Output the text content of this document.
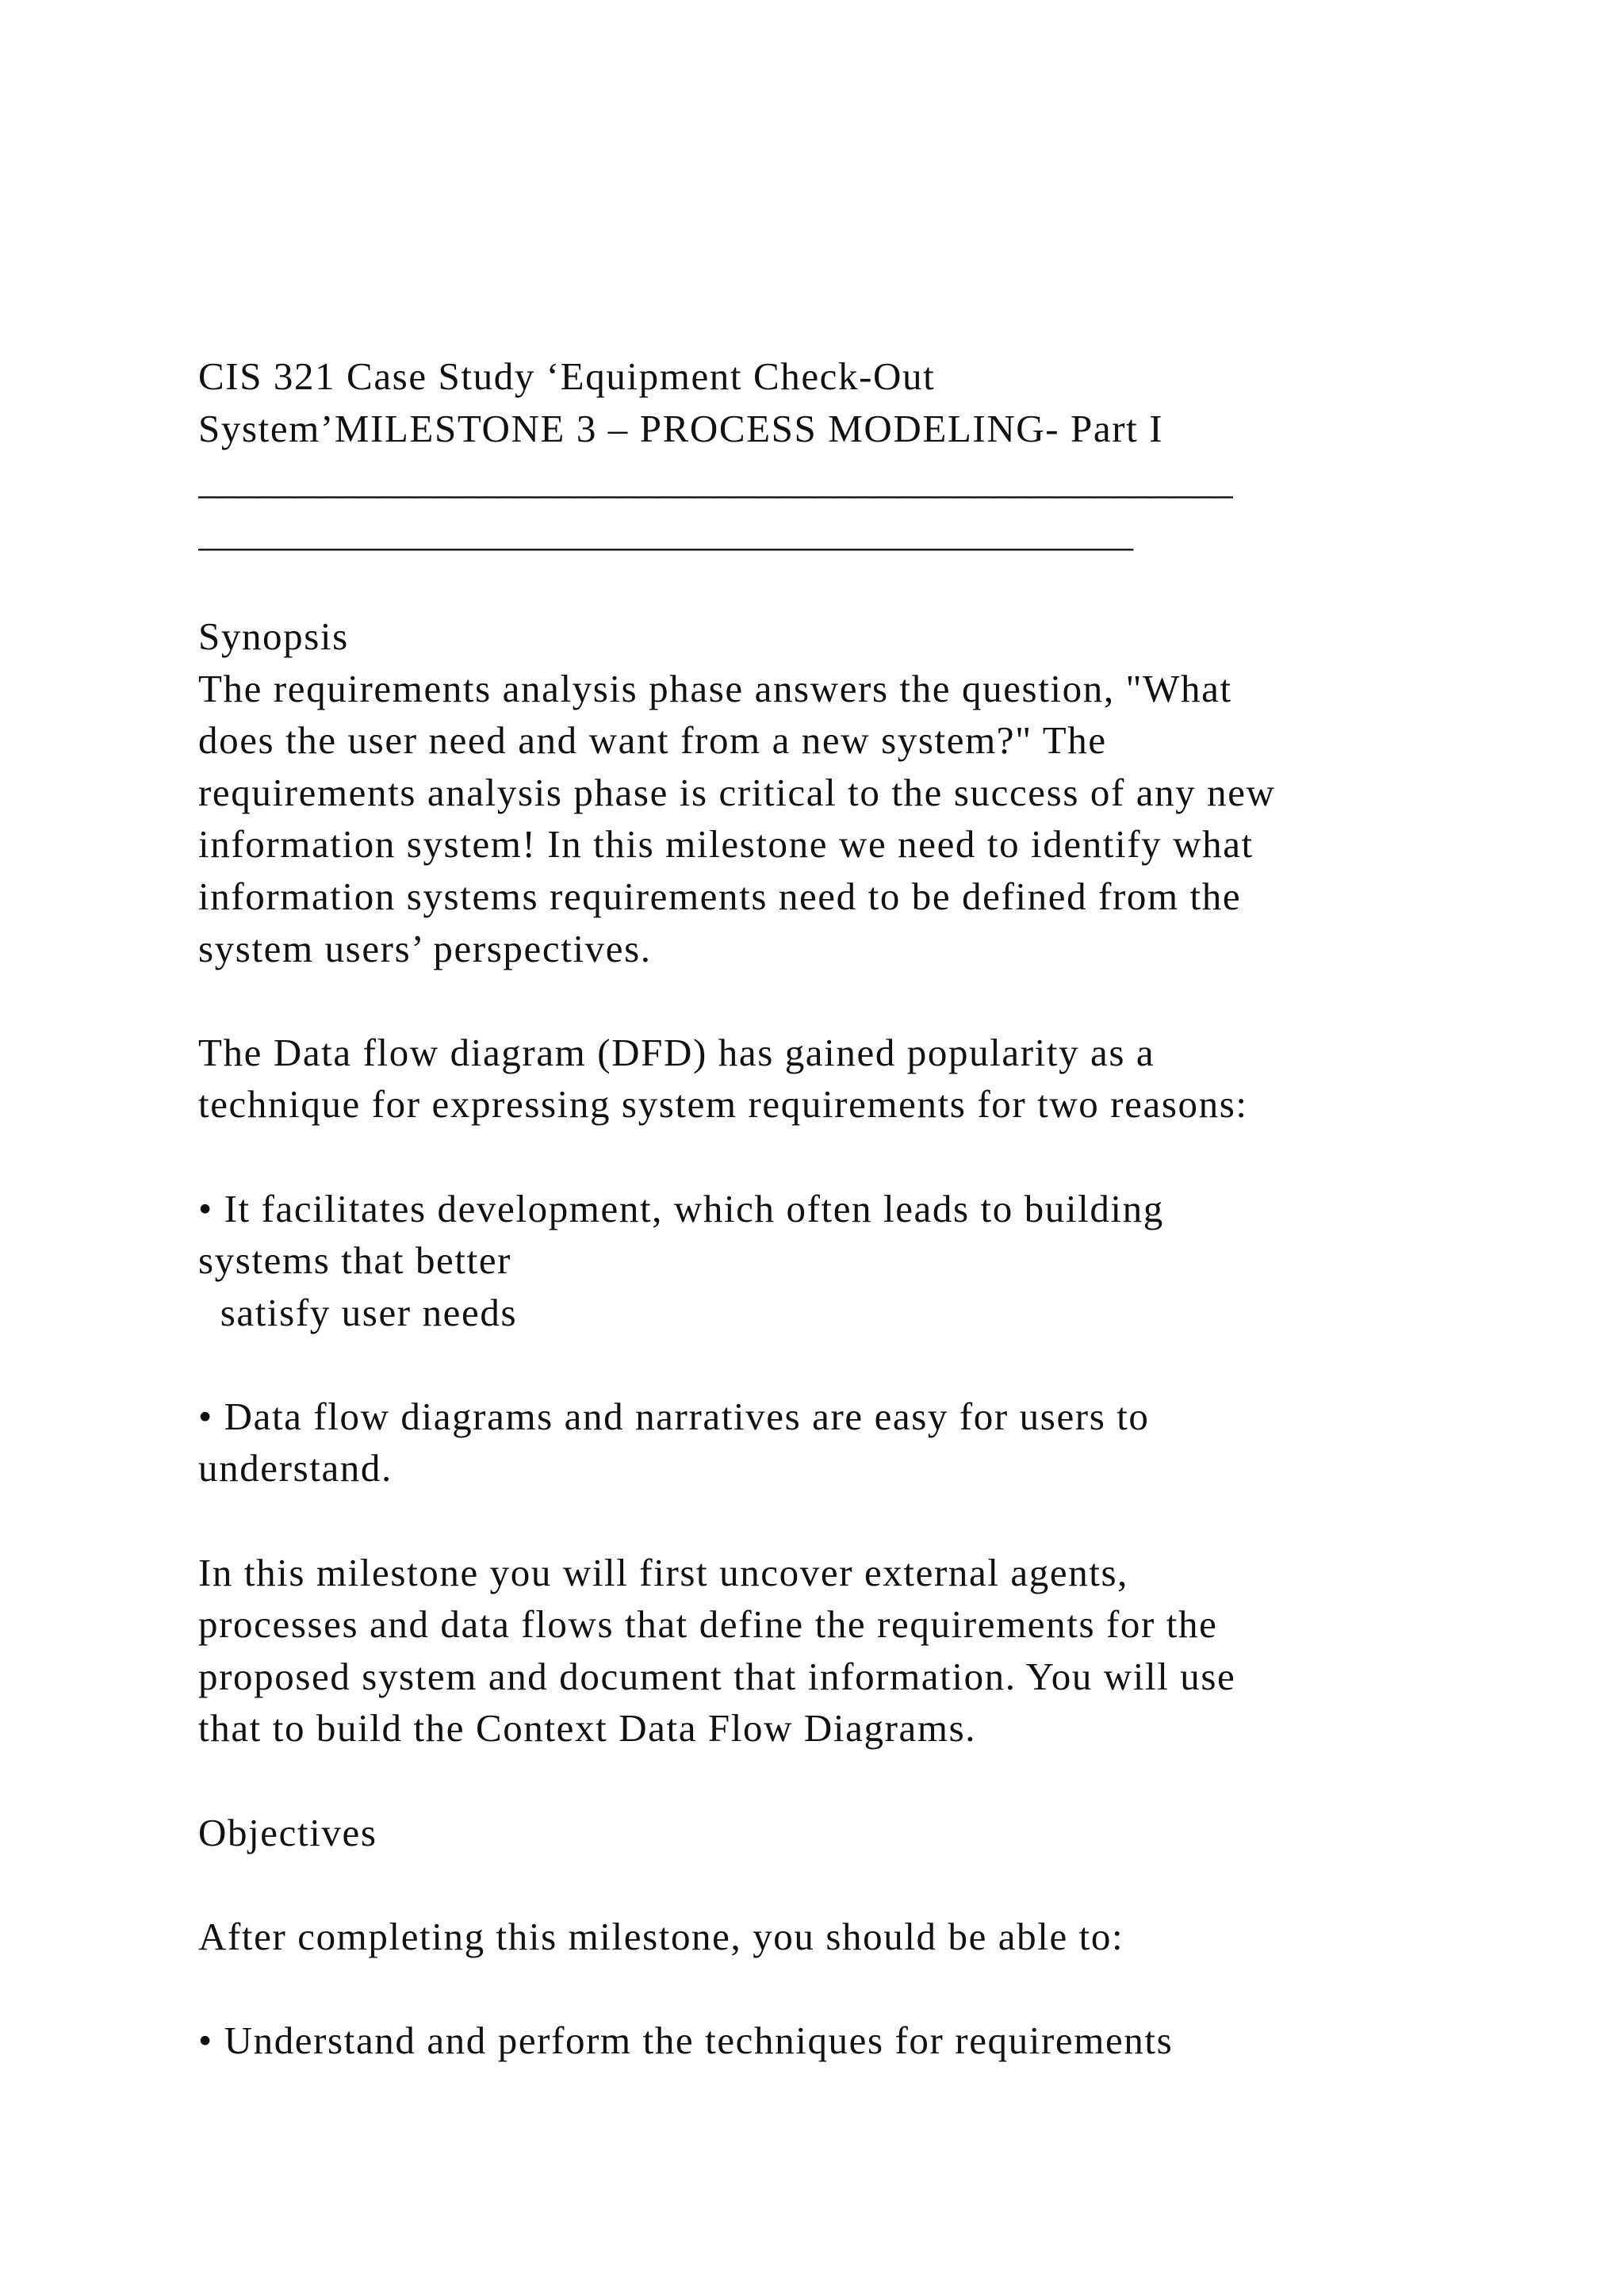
CIS 321 Case Study ‘Equipment Check-Out
System’MILESTONE 3 – PROCESS MODELING- Part I
____________________________________________________
_______________________________________________
Synopsis
The requirements analysis phase answers the question, "What
does the user need and want from a new system?" The
requirements analysis phase is critical to the success of any new
information system! In this milestone we need to identify what
information systems requirements need to be defined from the
system users’ perspectives.
The Data flow diagram (DFD) has gained popularity as a
technique for expressing system requirements for two reasons:
• It facilitates development, which often leads to building
systems that better
satisfy user needs
• Data flow diagrams and narratives are easy for users to
understand.
In this milestone you will first uncover external agents,
processes and data flows that define the requirements for the
proposed system and document that information. You will use
that to build the Context Data Flow Diagrams.
Objectives
After completing this milestone, you should be able to:
• Understand and perform the techniques for requirements
